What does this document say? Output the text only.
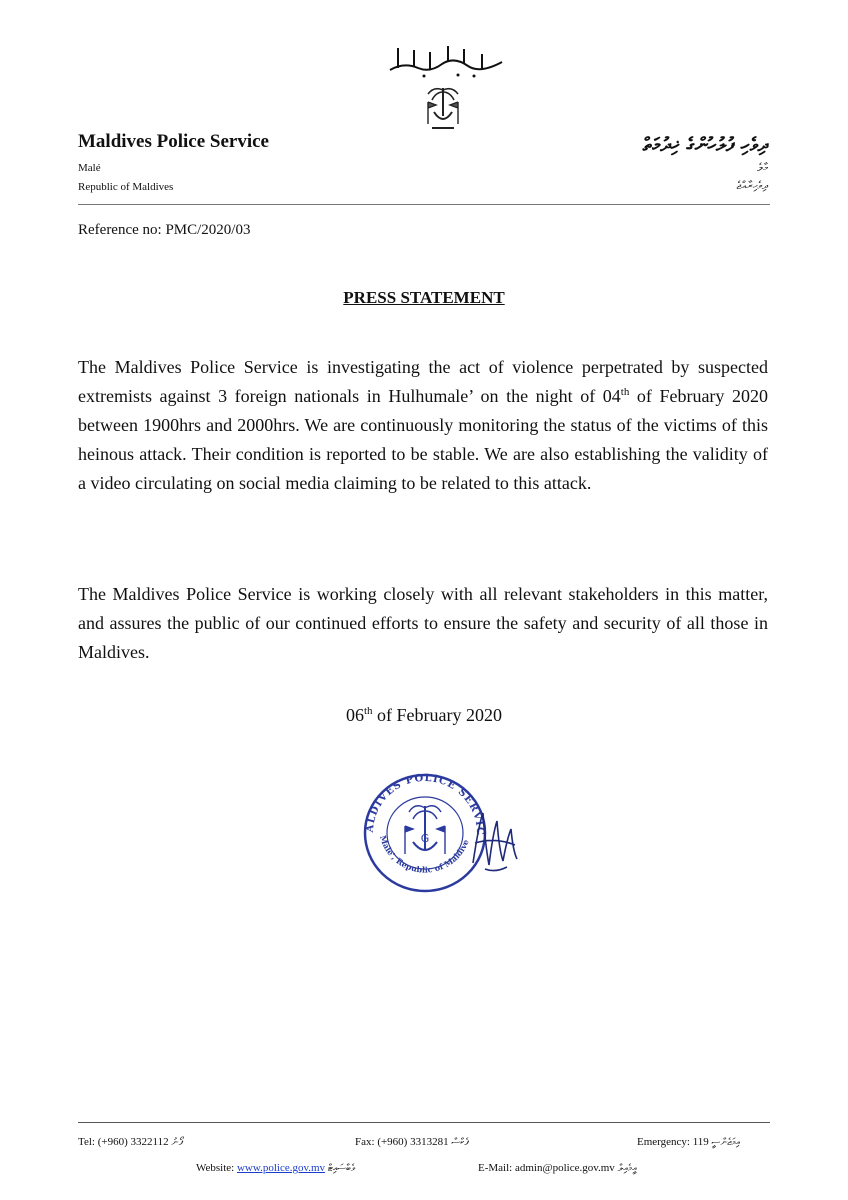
Maldives Police Service
Malé
Republic of Maldives
ދިވެހި ފުލުހުންގެ ޚިދުމަތް
މާލެ
ދިވެހިރާއްޖެ
Reference no: PMC/2020/03
PRESS STATEMENT

The Maldives Police Service is investigating the act of violence perpetrated by suspected extremists against 3 foreign nationals in Hulhumale’ on the night of 04th of February 2020 between 1900hrs and 2000hrs. We are continuously monitoring the status of the victims of this heinous attack. Their condition is reported to be stable. We are also establishing the validity of a video circulating on social media claiming to be related to this attack.

The Maldives Police Service is working closely with all relevant stakeholders in this matter, and assures the public of our continued efforts to ensure the safety and security of all those in Maldives.

06th of February 2020
ALDIVES POLICE SERVIC
Male', Republic of Maldive
G
Tel: (+960) 3322112 ފޯނު	Fax: (+960) 3313281 ފެކްސް	Emergency: 119 އިމަޖެންސީ
Website: www.police.gov.mv ވެބްސައިޓް	E-Mail: admin@police.gov.mv އީމެއިލް
